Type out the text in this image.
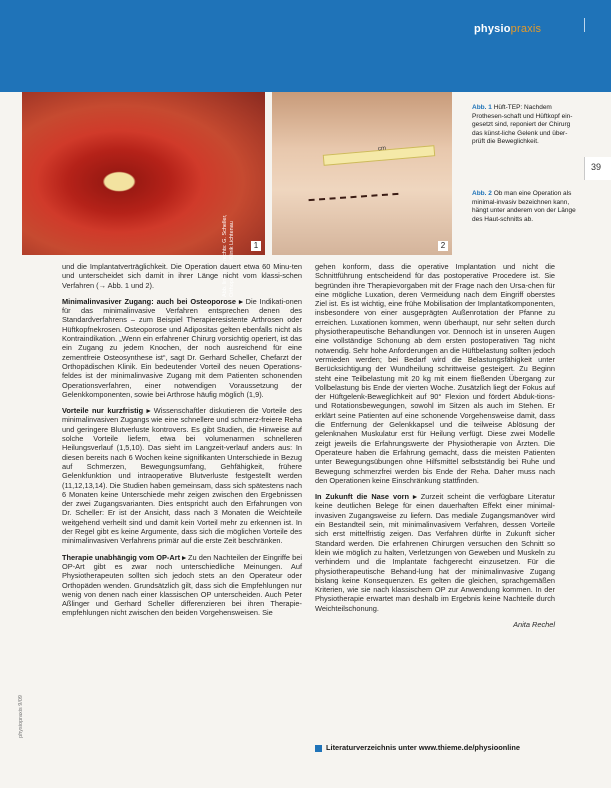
physiopraxis
39
Abb. links und rechts: G. Scheller, Orthopädische Klinik Lichtenau	1
cm
2
Abb. 1 Hüft-TEP: Nachdem Prothesen-schaft und Hüftkopf ein-gesetzt sind, reponiert der Chirurg das künst-liche Gelenk und über-prüft die Beweglichkeit.
Abb. 2 Ob man eine Operation als minimal-invasiv bezeichnen kann, hängt unter anderem von der Länge des Haut-schnitts ab.

und die Implantatverträglichkeit. Die Operation dauert etwa 60 Minu-ten und unterscheidet sich damit in ihrer Länge nicht vom klassi-schen Verfahren (→ Abb. 1 und 2).

Minimalinvasiver Zugang: auch bei Osteoporose ▸ Die Indikati-onen für das minimalinvasive Verfahren entsprechen denen des Standardverfahrens – zum Beispiel Therapieresistente Arthrosen oder Hüftkopfnekrosen. Osteoporose und Adipositas gelten ebenfalls nicht als Kontraindikation. „Wenn ein erfahrener Chirurg vorsichtig operiert, ist das ein Zugang zu jedem Knochen, der noch ausreichend für eine zementfreie Osteosynthese ist“, sagt Dr. Gerhard Scheller, Chefarzt der Orthopädischen Klinik. Ein bedeutender Vorteil des neuen Operations-feldes ist der minimalinvasive Zugang mit dem Patienten schonenden Operationsverfahren, einer notwendigen Voraussetzung der Gelenkkomponenten, sowie bei Arthrose häufig möglich (1,9).

Vorteile nur kurzfristig ▸ Wissenschaftler diskutieren die Vorteile des minimalinvasiven Zugangs wie eine schnellere und schmerz-freiere Reha und geringere Blutverluste kontrovers. Es gibt Studien, die Hinweise auf solche Vorteile liefern, etwa bei volumenarmen schnelleren Heilungsverlauf (1,5,10). Das sieht im Langzeit-verlauf anders aus: In diesen bereits nach 6 Wochen keine signifikanten Unterschiede in Bezug auf Schmerzen, Bewegungsumfang, Gehfähigkeit, frühere Gelenkfunktion und intraoperative Blutverluste festgestellt werden (11,12,13,14). Die Studien haben gemeinsam, dass sich spätestens nach 6 Monaten keine Unterschiede mehr zeigen zwischen den Ergebnissen der zwei Zugangsvarianten. Dies entspricht auch den Erfahrungen von Dr. Scheller: Er ist der Ansicht, dass nach 3 Monaten die Weichteile weitgehend verheilt sind und damit kein Vorteil mehr zu erkennen ist. In der Regel gibt es keine Argumente, dass sich die möglichen Vorteile des minimalinvasiven Verfahrens primär auf die erste Zeit beschränken.

Therapie unabhängig vom OP-Art ▸ Zu den Nachteilen der Eingriffe bei OP-Art gibt es zwar noch unterschiedliche Meinungen. Auf Physiotherapeuten sollten sich jedoch stets an den Operateur oder Orthopäden wenden. Grundsätzlich gilt, dass sich die Empfehlungen nur wenig von denen nach einer klassischen OP unterscheiden. Auch Peter Aßlinger und Gerhard Scheller differenzieren bei ihren Therapie-empfehlungen nicht zwischen den beiden Vorgehensweisen. Sie

gehen konform, dass die operative Implantation und nicht die Schnittführung entscheidend für das postoperative Procedere ist. Sie begründen ihre Therapievorgaben mit der Frage nach den Ursa-chen für eine mögliche Luxation, deren Vermeidung nach dem Eingriff oberstes Ziel ist. Es ist wichtig, eine frühe Mobilisation der Implantatkomponenten, insbesondere von einer ausgeprägten Außenrotation der Pfanne zu erreichen. Luxationen kommen, wenn überhaupt, nur sehr selten durch physiotherapeutische Behandlungen vor. Dennoch ist in unseren Augen eine vollständige Schonung ab dem ersten postoperativen Tag nicht notwendig. Sehr hohe Anforderungen an die Hüftbelastung sollten jedoch vermieden werden; bei Bedarf wird die Belastungsfähigkeit unter Berücksichtigung der Wundheilung schrittweise gesteigert. Zu Beginn steht eine Teilbelastung mit 20 kg mit einem fließenden Übergang zur Vollbelastung bis Ende der vierten Woche. Zusätzlich liegt der Fokus auf der Hüftgelenk-Beweglichkeit auf 90° Flexion und fördert Abduk-tions- und Rotationsbewegungen, sowohl im Sitzen als auch im Stehen. Er erklärt seine Patienten auf eine schonende Vorgehensweise damit, dass die Entfernung der Gelenkkapsel und die teilweise Ablösung der gelenknahen Muskulatur erst für Heilung verfügt. Diese zwei Modelle zeigt jeweils die Erfahrungswerte der Physiotherapie von Ärzten. Die Operateure haben die Erfahrung gemacht, dass die meisten Patienten unter Bewegungsübungen ohne Hilfsmittel selbstständig bei Ruhe und Bewegung schmerzfrei werden bis Ende der Reha. Daher muss nach den Operationen keine Einschränkung stattfinden.

In Zukunft die Nase vorn ▸ Zurzeit scheint die verfügbare Literatur keine deutlichen Belege für einen dauerhaften Effekt einer minimal-invasiven Zugangsweise zu liefern. Das mediale Zugangsmanöver wird ein Bestandteil sein, mit minimalinvasivem Verfahren, dessen Vorteile sich erst mittelfristig zeigen. Das Verfahren dürfte in Zukunft sicher Standard werden. Die erfahrenen Chirurgen versuchen den Schnitt so klein wie möglich zu halten, Verletzungen von Geweben und Muskeln zu verhindern und die Implantate fachgerecht einzusetzen. Für die physiotherapeutische Behand-lung hat der minimalinvasive Zugang bislang keine Konsequenzen. Es gelten die gleichen, sprachgemäßen Kriterien, wie sie nach klassischem OP zur Anwendung kommen. In der Physiotherapie erwartet man deshalb im Ergebnis keine Nachteile durch Weichteilschonung.

Anita Rechel

Literaturverzeichnis unter www.thieme.de/physioonline
physiopraxis 9/09
